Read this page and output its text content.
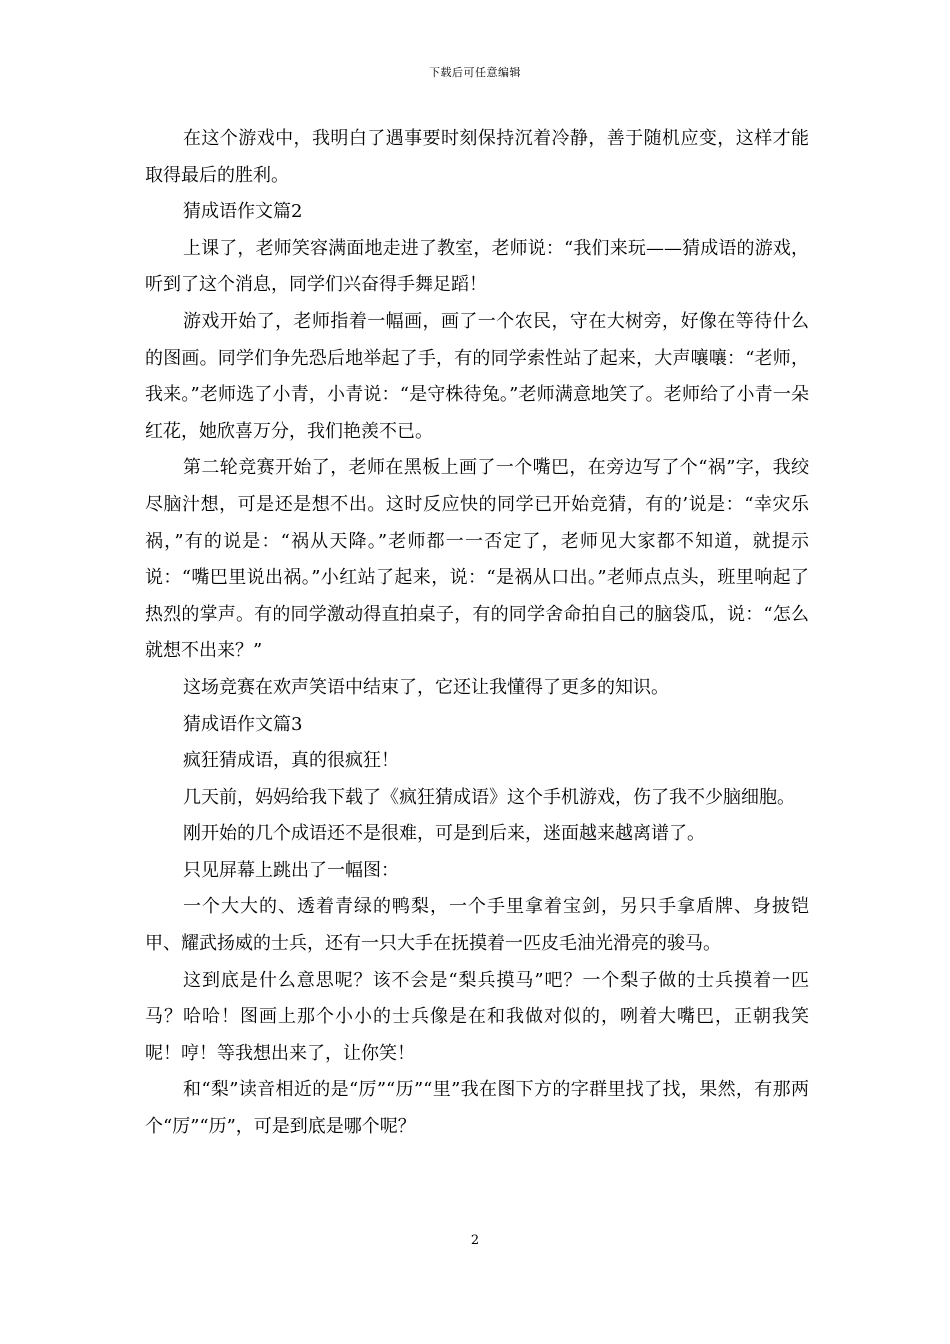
下载后可任意编辑

在这个游戏中，我明白了遇事要时刻保持沉着冷静，善于随机应变，这样才能取得最后的胜利。

猜成语作文篇2

上课了，老师笑容满面地走进了教室，老师说：“我们来玩——猜成语的游戏，听到了这个消息，同学们兴奋得手舞足蹈！

游戏开始了，老师指着一幅画，画了一个农民，守在大树旁，好像在等待什么的图画。同学们争先恐后地举起了手，有的同学索性站了起来，大声嚷嚷：“老师，我来。”老师选了小青，小青说：“是守株待兔。”老师满意地笑了。老师给了小青一朵红花，她欣喜万分，我们艳羡不已。

第二轮竞赛开始了，老师在黑板上画了一个嘴巴，在旁边写了个“祸”字，我绞尽脑汁想，可是还是想不出。这时反应快的同学已开始竞猜，有的’说是：“幸灾乐祸，”有的说是：“祸从天降。”老师都一一否定了，老师见大家都不知道，就提示说：“嘴巴里说出祸。”小红站了起来，说：“是祸从口出。”老师点点头，班里响起了热烈的掌声。有的同学激动得直拍桌子，有的同学舍命拍自己的脑袋瓜，说：“怎么就想不出来？”

这场竞赛在欢声笑语中结束了，它还让我懂得了更多的知识。

猜成语作文篇3

疯狂猜成语，真的很疯狂！

几天前，妈妈给我下载了《疯狂猜成语》这个手机游戏，伤了我不少脑细胞。

刚开始的几个成语还不是很难，可是到后来，迷面越来越离谱了。

只见屏幕上跳出了一幅图：

一个大大的、透着青绿的鸭梨，一个手里拿着宝剑，另只手拿盾牌、身披铠甲、耀武扬威的士兵，还有一只大手在抚摸着一匹皮毛油光滑亮的骏马。

这到底是什么意思呢？该不会是“梨兵摸马”吧？一个梨子做的士兵摸着一匹马？哈哈！图画上那个小小的士兵像是在和我做对似的，咧着大嘴巴，正朝我笑呢！哼！等我想出来了，让你笑！

和“梨”读音相近的是“厉”“历”“里”我在图下方的字群里找了找，果然，有那两个“厉”“历”，可是到底是哪个呢？

2
